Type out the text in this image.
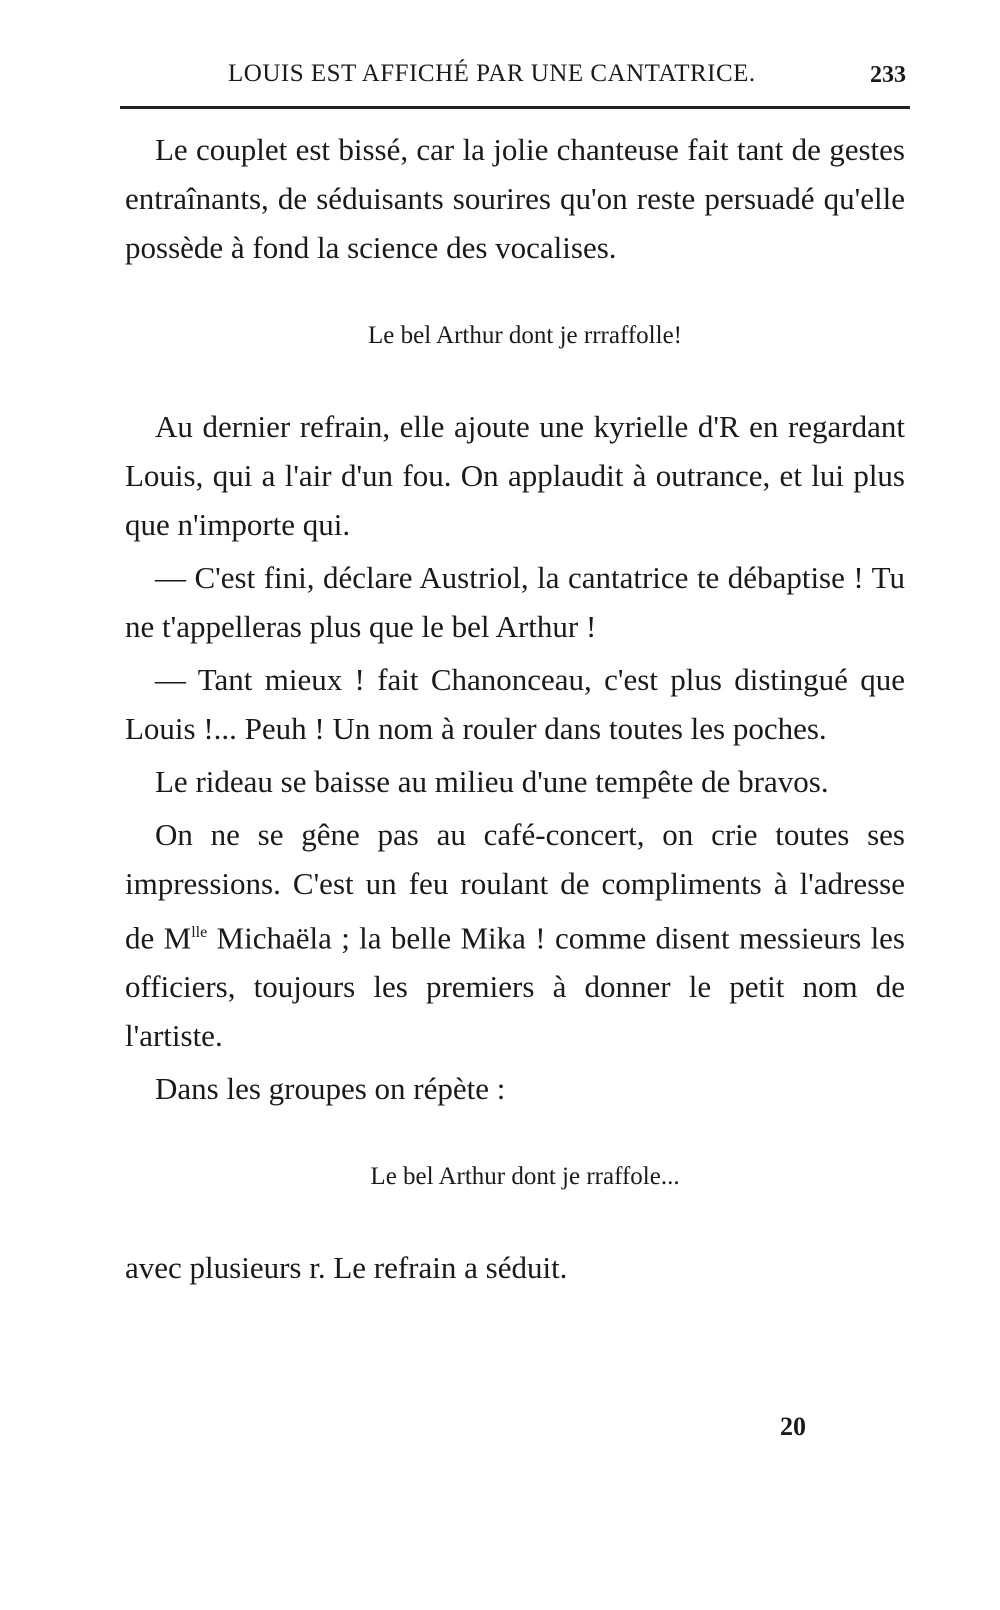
LOUIS EST AFFICHÉ PAR UNE CANTATRICE.	233

Le couplet est bissé, car la jolie chanteuse fait tant de gestes entraînants, de séduisants sourires qu'on reste persuadé qu'elle possède à fond la science des vocalises.

Le bel Arthur dont je rrraffolle!

Au dernier refrain, elle ajoute une kyrielle d'R en regardant Louis, qui a l'air d'un fou. On applaudit à outrance, et lui plus que n'importe qui.

— C'est fini, déclare Austriol, la cantatrice te débaptise ! Tu ne t'appelleras plus que le bel Arthur !

— Tant mieux ! fait Chanonceau, c'est plus distingué que Louis !... Peuh ! Un nom à rouler dans toutes les poches.

Le rideau se baisse au milieu d'une tempête de bravos.

On ne se gêne pas au café-concert, on crie toutes ses impressions. C'est un feu roulant de compliments à l'adresse de $M^{lle}$ Michaëla ; la belle Mika ! comme disent messieurs les officiers, toujours les premiers à donner le petit nom de l'artiste.

Dans les groupes on répète :

Le bel Arthur dont je rraffole...

avec plusieurs r. Le refrain a séduit.

20
